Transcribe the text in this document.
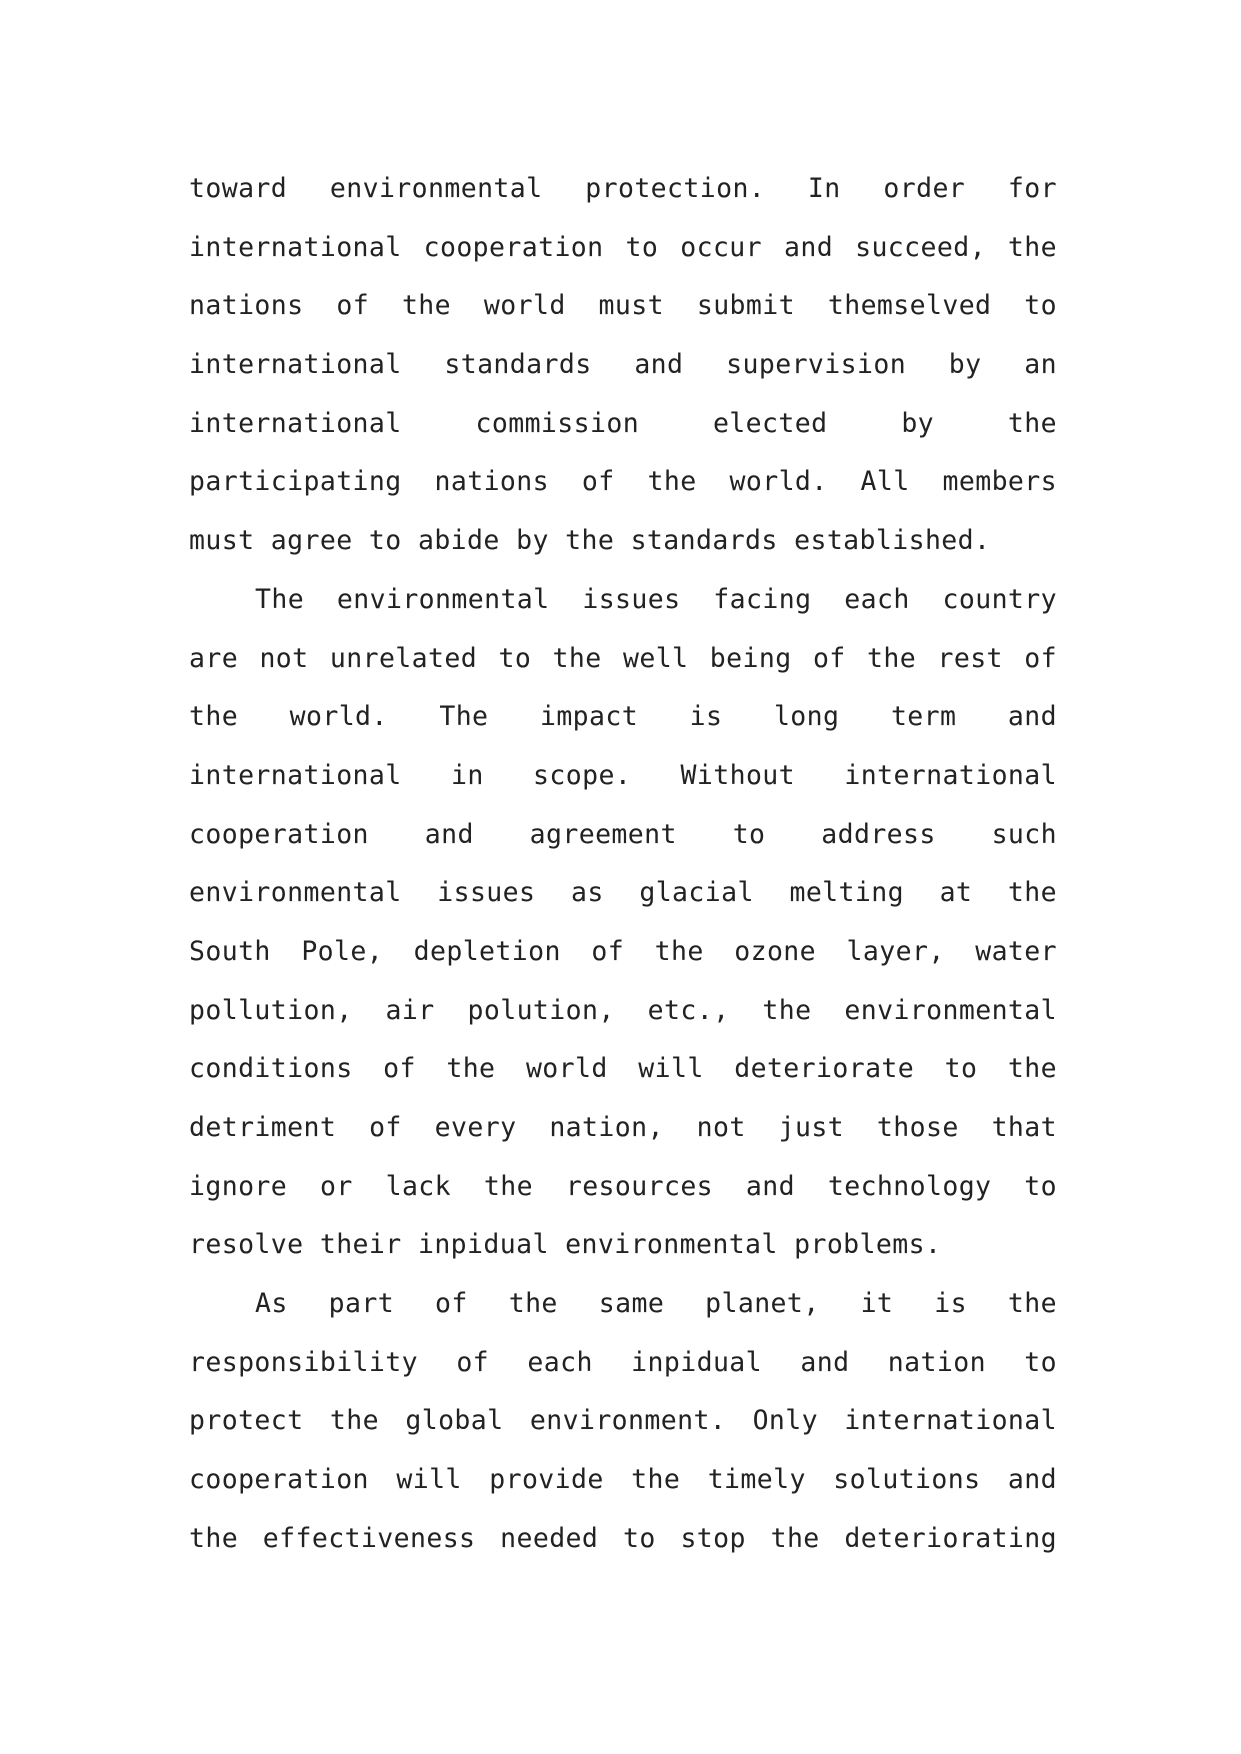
toward environmental protection. In order for
international cooperation to occur and succeed, the
nations of the world must submit themselved to
international standards and supervision by an
international commission elected by the
participating nations of the world. All members
must agree to abide by the standards established.

The environmental issues facing each country
are not unrelated to the well being of the rest of
the world. The impact is long term and
international in scope. Without international
cooperation and agreement to address such
environmental issues as glacial melting at the
South Pole, depletion of the ozone layer, water
pollution, air polution, etc., the environmental
conditions of the world will deteriorate to the
detriment of every nation, not just those that
ignore or lack the resources and technology to
resolve their inpidual environmental problems.

As part of the same planet, it is the
responsibility of each inpidual and nation to
protect the global environment. Only international
cooperation will provide the timely solutions and
the effectiveness needed to stop the deteriorating
